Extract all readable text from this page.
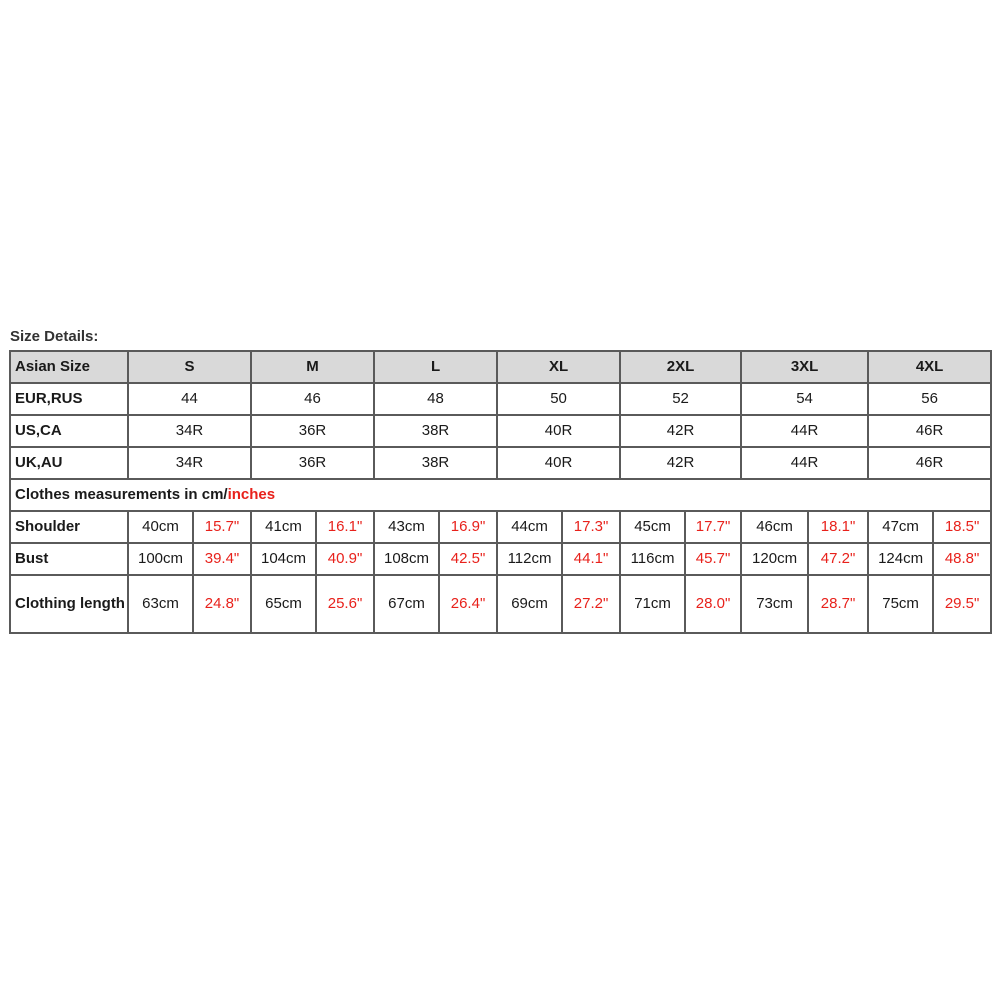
Size Details:
Asian Size	S		M		L		XL		2XL		3XL		4XL	
EUR,RUS	44		46		48		50		52		54		56	
US,CA	34R		36R		38R		40R		42R		44R		46R	
UK,AU	34R		36R		38R		40R		42R		44R		46R	
Clothes measurements in cm/inches														
Shoulder	40cm	15.7"	41cm	16.1"	43cm	16.9"	44cm	17.3"	45cm	17.7"	46cm	18.1"	47cm	18.5"
Bust	100cm	39.4"	104cm	40.9"	108cm	42.5"	112cm	44.1"	116cm	45.7"	120cm	47.2"	124cm	48.8"
Clothing length	63cm	24.8"	65cm	25.6"	67cm	26.4"	69cm	27.2"	71cm	28.0"	73cm	28.7"	75cm	29.5"
